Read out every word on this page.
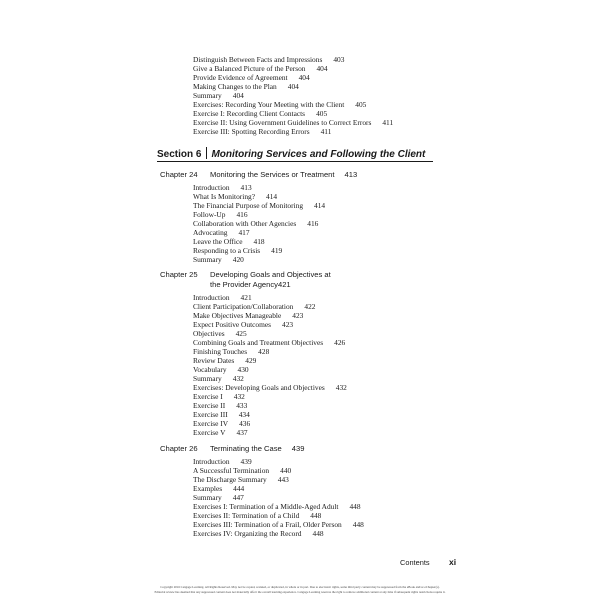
Distinguish Between Facts and Impressions 403
Give a Balanced Picture of the Person 404
Provide Evidence of Agreement 404
Making Changes to the Plan 404
Summary 404
Exercises: Recording Your Meeting with the Client 405
Exercise I: Recording Client Contacts 405
Exercise II: Using Government Guidelines to Correct Errors 411
Exercise III: Spotting Recording Errors 411
Section 6 Monitoring Services and Following the Client
Chapter 24 Monitoring the Services or Treatment 413
Introduction 413
What Is Monitoring? 414
The Financial Purpose of Monitoring 414
Follow-Up 416
Collaboration with Other Agencies 416
Advocating 417
Leave the Office 418
Responding to a Crisis 419
Summary 420
Chapter 25 Developing Goals and Objectives at
the Provider Agency421
Introduction 421
Client Participation/Collaboration 422
Make Objectives Manageable 423
Expect Positive Outcomes 423
Objectives 425
Combining Goals and Treatment Objectives 426
Finishing Touches 428
Review Dates 429
Vocabulary 430
Summary 432
Exercises: Developing Goals and Objectives 432
Exercise I 432
Exercise II 433
Exercise III 434
Exercise IV 436
Exercise V 437
Chapter 26 Terminating the Case 439
Introduction 439
A Successful Termination 440
The Discharge Summary 443
Examples 444
Summary 447
Exercises I: Termination of a Middle-Aged Adult 448
Exercises II: Termination of a Child 448
Exercises III: Termination of a Frail, Older Person 448
Exercises IV: Organizing the Record 448
Contents xi
Copyright 2016 Cengage Learning. All Rights Reserved. May not be copied, scanned, or duplicated, in whole or in part. Due to electronic rights, some third party content may be suppressed from the eBook and/or eChapter(s).
Editorial review has deemed that any suppressed content does not materially affect the overall learning experience. Cengage Learning reserves the right to remove additional content at any time if subsequent rights restrictions require it.
